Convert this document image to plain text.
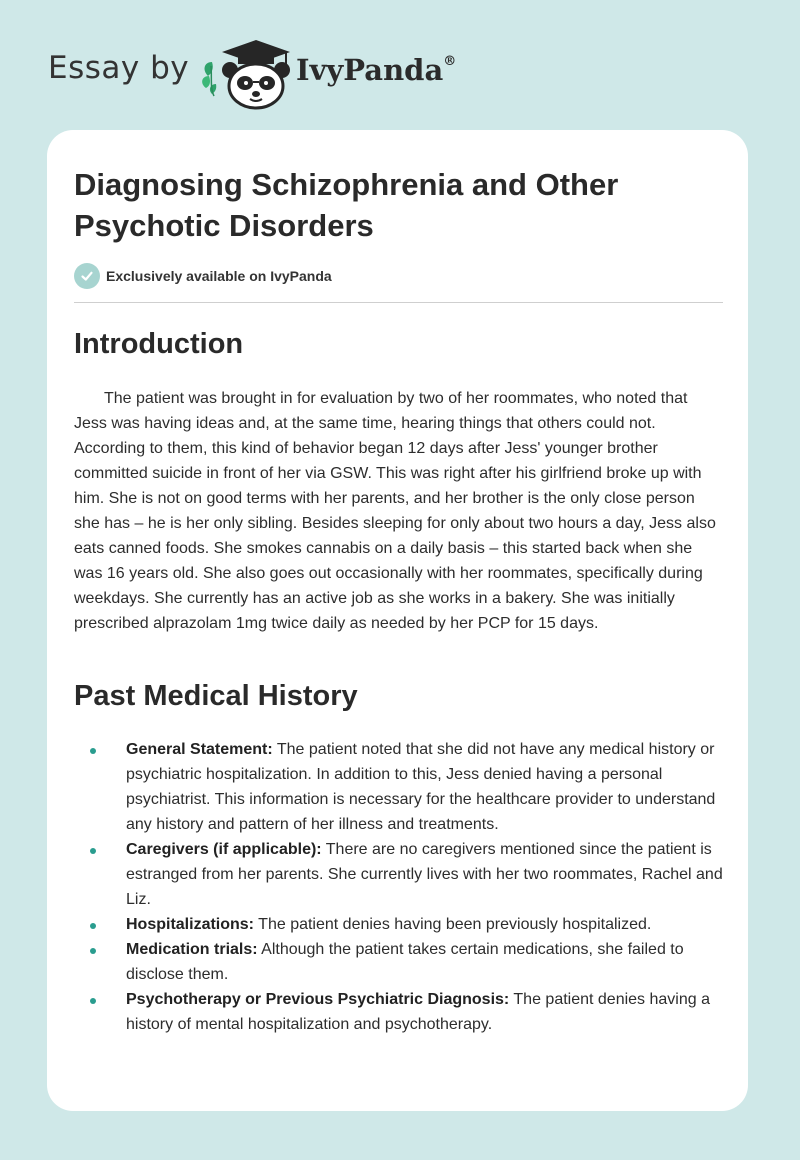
Essay by	IvyPanda®
Diagnosing Schizophrenia and Other Psychotic Disorders
Exclusively available on IvyPanda
Introduction

The patient was brought in for evaluation by two of her roommates, who noted that Jess was having ideas and, at the same time, hearing things that others could not. According to them, this kind of behavior began 12 days after Jess' younger brother committed suicide in front of her via GSW. This was right after his girlfriend broke up with him. She is not on good terms with her parents, and her brother is the only close person she has – he is her only sibling. Besides sleeping for only about two hours a day, Jess also eats canned foods. She smokes cannabis on a daily basis – this started back when she was 16 years old. She also goes out occasionally with her roommates, specifically during weekdays. She currently has an active job as she works in a bakery. She was initially prescribed alprazolam 1mg twice daily as needed by her PCP for 15 days.

Past Medical History
General Statement: The patient noted that she did not have any medical history or psychiatric hospitalization. In addition to this, Jess denied having a personal psychiatrist. This information is necessary for the healthcare provider to understand any history and pattern of her illness and treatments.
Caregivers (if applicable): There are no caregivers mentioned since the patient is estranged from her parents. She currently lives with her two roommates, Rachel and Liz.
Hospitalizations: The patient denies having been previously hospitalized.
Medication trials: Although the patient takes certain medications, she failed to disclose them.
Psychotherapy or Previous Psychiatric Diagnosis: The patient denies having a history of mental hospitalization and psychotherapy.
